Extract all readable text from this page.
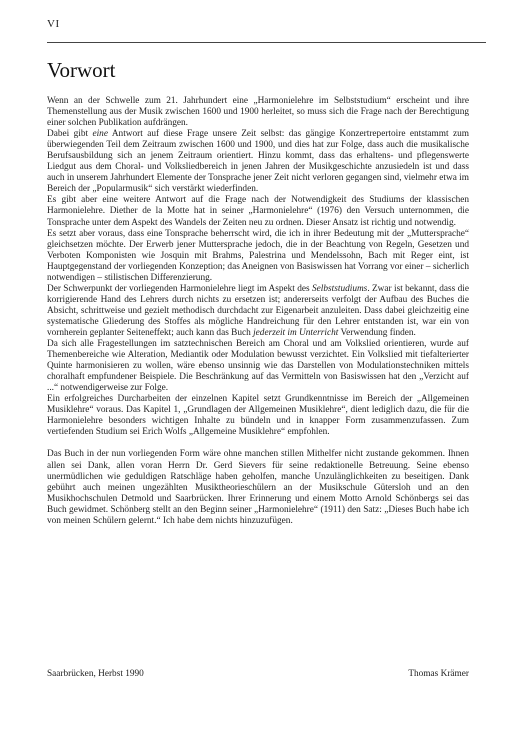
VI
Vorwort

Wenn an der Schwelle zum 21. Jahrhundert eine „Harmonielehre im Selbststudium“ erscheint und ihre Themenstellung aus der Musik zwischen 1600 und 1900 herleitet, so muss sich die Frage nach der Berechtigung einer solchen Publikation aufdrängen.

Dabei gibt eine Antwort auf diese Frage unsere Zeit selbst: das gängige Konzertrepertoire entstammt zum überwiegenden Teil dem Zeitraum zwischen 1600 und 1900, und dies hat zur Folge, dass auch die musikalische Berufsausbildung sich an jenem Zeitraum orientiert. Hinzu kommt, dass das erhaltens- und pflegenswerte Liedgut aus dem Choral- und Volksliedbereich in jenen Jahren der Musikgeschichte anzusiedeln ist und dass auch in unserem Jahrhundert Elemente der Tonsprache jener Zeit nicht verloren gegangen sind, vielmehr etwa im Bereich der „Popularmusik“ sich verstärkt wiederfinden.

Es gibt aber eine weitere Antwort auf die Frage nach der Notwendigkeit des Studiums der klassischen Harmonielehre. Diether de la Motte hat in seiner „Harmonielehre“ (1976) den Versuch unternommen, die Tonsprache unter dem Aspekt des Wandels der Zeiten neu zu ordnen. Dieser Ansatz ist richtig und notwendig.

Es setzt aber voraus, dass eine Tonsprache beherrscht wird, die ich in ihrer Bedeutung mit der „Muttersprache“ gleichsetzen möchte. Der Erwerb jener Muttersprache jedoch, die in der Beachtung von Regeln, Gesetzen und Verboten Komponisten wie Josquin mit Brahms, Palestrina und Mendelssohn, Bach mit Reger eint, ist Hauptgegenstand der vorliegenden Konzeption; das Aneignen von Basiswissen hat Vorrang vor einer – sicherlich notwendigen – stilistischen Differenzierung.

Der Schwerpunkt der vorliegenden Harmonielehre liegt im Aspekt des Selbststudiums. Zwar ist bekannt, dass die korrigierende Hand des Lehrers durch nichts zu ersetzen ist; andererseits verfolgt der Aufbau des Buches die Absicht, schrittweise und gezielt methodisch durchdacht zur Eigenarbeit anzuleiten. Dass dabei gleichzeitig eine systematische Gliederung des Stoffes als mögliche Handreichung für den Lehrer entstanden ist, war ein von vornherein geplanter Seiteneffekt; auch kann das Buch jederzeit im Unterricht Verwendung finden.

Da sich alle Fragestellungen im satztechnischen Bereich am Choral und am Volkslied orientieren, wurde auf Themenbereiche wie Alteration, Mediantik oder Modulation bewusst verzichtet. Ein Volkslied mit tiefalterierter Quinte harmonisieren zu wollen, wäre ebenso unsinnig wie das Darstellen von Modulationstechniken mittels choralhaft empfundener Beispiele. Die Beschränkung auf das Vermitteln von Basiswissen hat den „Verzicht auf ...“ notwendigerweise zur Folge.

Ein erfolgreiches Durcharbeiten der einzelnen Kapitel setzt Grundkenntnisse im Bereich der „Allgemeinen Musiklehre“ voraus. Das Kapitel 1, „Grundlagen der Allgemeinen Musiklehre“, dient lediglich dazu, die für die Harmonielehre besonders wichtigen Inhalte zu bündeln und in knapper Form zusammenzufassen. Zum vertiefenden Studium sei Erich Wolfs „Allgemeine Musiklehre“ empfohlen.

Das Buch in der nun vorliegenden Form wäre ohne manchen stillen Mithelfer nicht zustande gekommen. Ihnen allen sei Dank, allen voran Herrn Dr. Gerd Sievers für seine redaktionelle Betreuung. Seine ebenso unermüdlichen wie geduldigen Ratschläge haben geholfen, manche Unzulänglichkeiten zu beseitigen. Dank gebührt auch meinen ungezählten Musiktheorieschülern an der Musikschule Gütersloh und an den Musikhochschulen Detmold und Saarbrücken. Ihrer Erinnerung und einem Motto Arnold Schönbergs sei das Buch gewidmet. Schönberg stellt an den Beginn seiner „Harmonielehre“ (1911) den Satz: „Dieses Buch habe ich von meinen Schülern gelernt.“ Ich habe dem nichts hinzuzufügen.

Saarbrücken, Herbst 1990	Thomas Krämer
